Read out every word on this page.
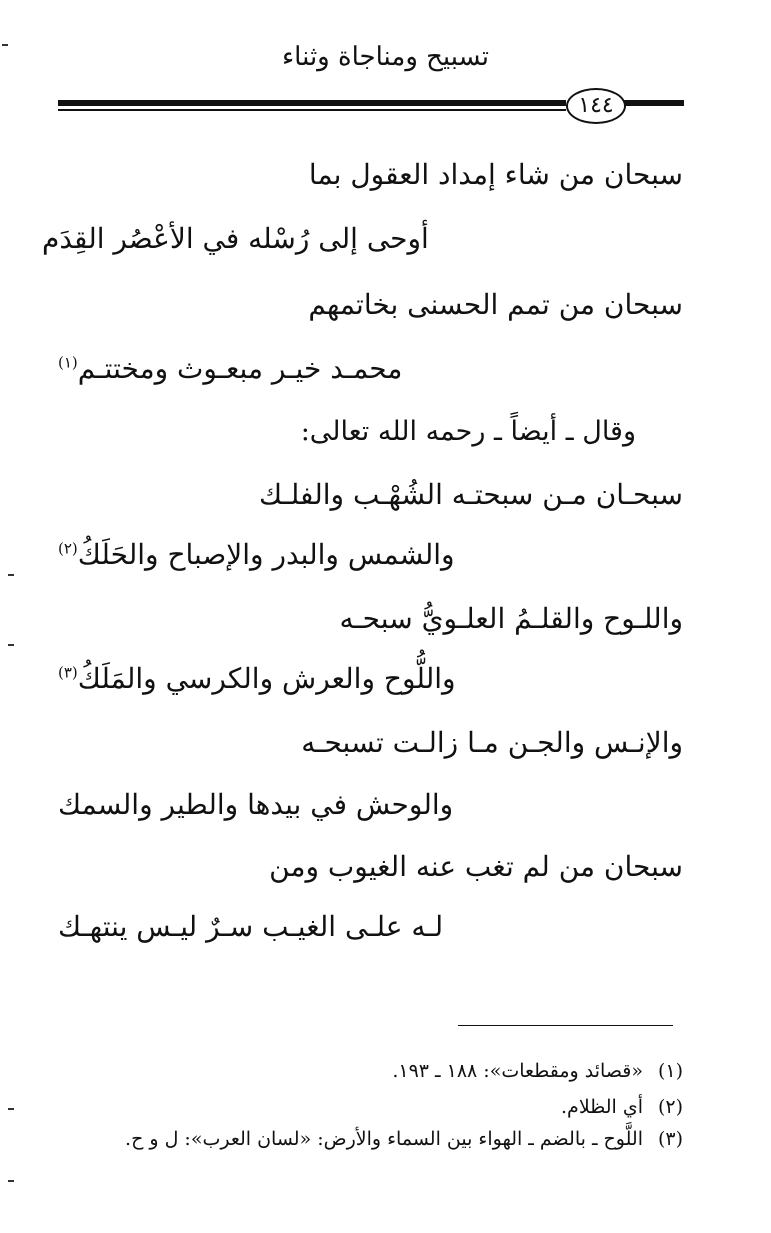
تسبيح ومناجاة وثناء
١٤٤
سبحان من شاء إمداد العقول بما
أوحى إلى رُسْله في الأعْصُر القِدَم
سبحان من تمم الحسنى بخاتمهم
محمـد خيـر مبعـوث ومختتـم$^{(١)}$
وقال ـ أيضاً ـ رحمه الله تعالى:
سبحـان مـن سبحتـه الشُهْـب والفلـك
والشمس والبدر والإصباح والحَلَكُ$^{(٢)}$
واللـوح والقلـمُ العلـويُّ سبحـه
واللُّوح والعرش والكرسي والمَلَكُ$^{(٣)}$
والإنـس والجـن مـا زالـت تسبحـه
والوحش في بيدها والطير والسمك
سبحان من لم تغب عنه الغيوب ومن
لـه علـى الغيـب سـرٌ ليـس ينتهـك
(١)«قصائد ومقطعات»: ١٨٨ ـ ١٩٣.
(٢)أي الظلام.
(٣)اللَّوح ـ بالضم ـ الهواء بين السماء والأرض: «لسان العرب»: ل و ح.
